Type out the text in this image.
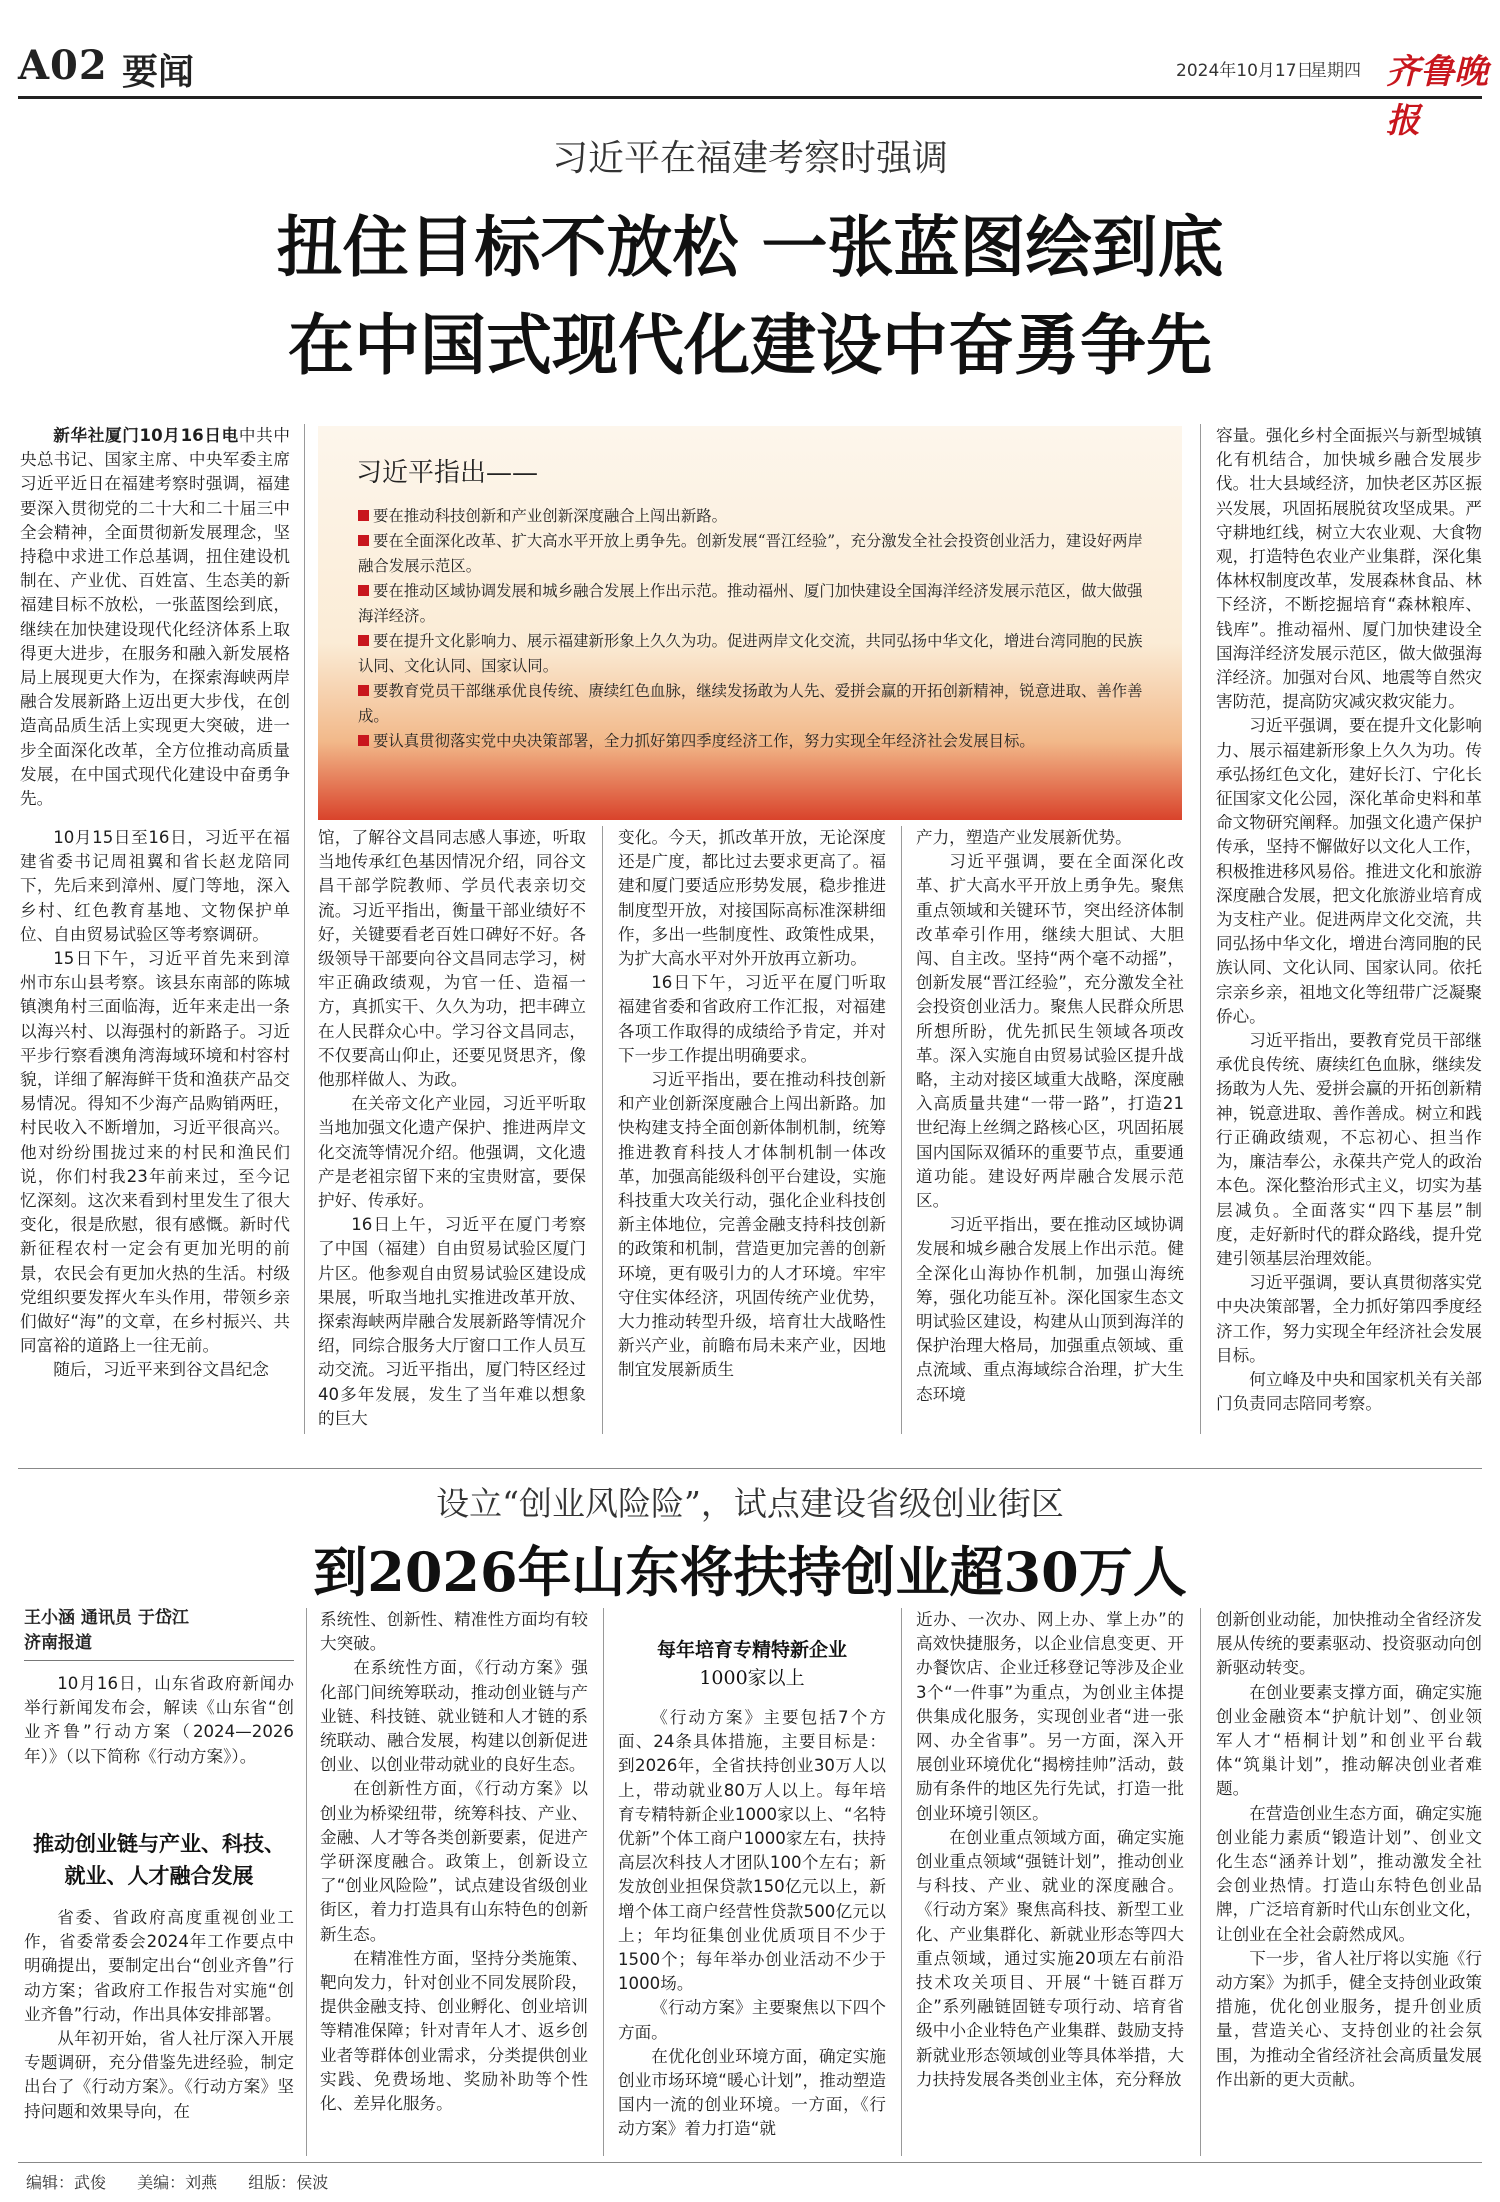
A02 要闻	2024年10月17日
星期四 齐鲁晚报
习近平在福建考察时强调
扭住目标不放松 一张蓝图绘到底
在中国式现代化建设中奋勇争先

新华社厦门10月16日电中共中央总书记、国家主席、中央军委主席习近平近日在福建考察时强调，福建要深入贯彻党的二十大和二十届三中全会精神，全面贯彻新发展理念，坚持稳中求进工作总基调，扭住建设机制在、产业优、百姓富、生态美的新福建目标不放松，一张蓝图绘到底，继续在加快建设现代化经济体系上取得更大进步，在服务和融入新发展格局上展现更大作为，在探索海峡两岸融合发展新路上迈出更大步伐，在创造高品质生活上实现更大突破，进一步全面深化改革，全方位推动高质量发展，在中国式现代化建设中奋勇争先。

习近平指出——

要在推动科技创新和产业创新深度融合上闯出新路。

要在全面深化改革、扩大高水平开放上勇争先。创新发展“晋江经验”，充分激发全社会投资创业活力，建设好两岸融合发展示范区。

要在推动区域协调发展和城乡融合发展上作出示范。推动福州、厦门加快建设全国海洋经济发展示范区，做大做强海洋经济。

要在提升文化影响力、展示福建新形象上久久为功。促进两岸文化交流，共同弘扬中华文化，增进台湾同胞的民族认同、文化认同、国家认同。

要教育党员干部继承优良传统、赓续红色血脉，继续发扬敢为人先、爱拼会赢的开拓创新精神，锐意进取、善作善成。

要认真贯彻落实党中央决策部署，全力抓好第四季度经济工作，努力实现全年经济社会发展目标。

容量。强化乡村全面振兴与新型城镇化有机结合，加快城乡融合发展步伐。壮大县域经济，加快老区苏区振兴发展，巩固拓展脱贫攻坚成果。严守耕地红线，树立大农业观、大食物观，打造特色农业产业集群，深化集体林权制度改革，发展森林食品、林下经济，不断挖掘培育“森林粮库、钱库”。推动福州、厦门加快建设全国海洋经济发展示范区，做大做强海洋经济。加强对台风、地震等自然灾害防范，提高防灾减灾救灾能力。

习近平强调，要在提升文化影响力、展示福建新形象上久久为功。传承弘扬红色文化，建好长汀、宁化长征国家文化公园，深化革命史料和革命文物研究阐释。加强文化遗产保护传承，坚持不懈做好以文化人工作，积极推进移风易俗。推进文化和旅游深度融合发展，把文化旅游业培育成为支柱产业。促进两岸文化交流，共同弘扬中华文化，增进台湾同胞的民族认同、文化认同、国家认同。依托宗亲乡亲，祖地文化等纽带广泛凝聚侨心。

习近平指出，要教育党员干部继承优良传统、赓续红色血脉，继续发扬敢为人先、爱拼会赢的开拓创新精神，锐意进取、善作善成。树立和践行正确政绩观，不忘初心、担当作为，廉洁奉公，永葆共产党人的政治本色。深化整治形式主义，切实为基层减负。全面落实“四下基层”制度，走好新时代的群众路线，提升党建引领基层治理效能。

习近平强调，要认真贯彻落实党中央决策部署，全力抓好第四季度经济工作，努力实现全年经济社会发展目标。

何立峰及中央和国家机关有关部门负责同志陪同考察。

10月15日至16日，习近平在福建省委书记周祖翼和省长赵龙陪同下，先后来到漳州、厦门等地，深入乡村、红色教育基地、文物保护单位、自由贸易试验区等考察调研。

15日下午，习近平首先来到漳州市东山县考察。该县东南部的陈城镇澳角村三面临海，近年来走出一条以海兴村、以海强村的新路子。习近平步行察看澳角湾海域环境和村容村貌，详细了解海鲜干货和渔获产品交易情况。得知不少海产品购销两旺，村民收入不断增加，习近平很高兴。他对纷纷围拢过来的村民和渔民们说，你们村我23年前来过，至今记忆深刻。这次来看到村里发生了很大变化，很是欣慰，很有感慨。新时代新征程农村一定会有更加光明的前景，农民会有更加火热的生活。村级党组织要发挥火车头作用，带领乡亲们做好“海”的文章，在乡村振兴、共同富裕的道路上一往无前。

随后，习近平来到谷文昌纪念

馆，了解谷文昌同志感人事迹，听取当地传承红色基因情况介绍，同谷文昌干部学院教师、学员代表亲切交流。习近平指出，衡量干部业绩好不好，关键要看老百姓口碑好不好。各级领导干部要向谷文昌同志学习，树牢正确政绩观，为官一任、造福一方，真抓实干、久久为功，把丰碑立在人民群众心中。学习谷文昌同志，不仅要高山仰止，还要见贤思齐，像他那样做人、为政。

在关帝文化产业园，习近平听取当地加强文化遗产保护、推进两岸文化交流等情况介绍。他强调，文化遗产是老祖宗留下来的宝贵财富，要保护好、传承好。

16日上午，习近平在厦门考察了中国（福建）自由贸易试验区厦门片区。他参观自由贸易试验区建设成果展，听取当地扎实推进改革开放、探索海峡两岸融合发展新路等情况介绍，同综合服务大厅窗口工作人员互动交流。习近平指出，厦门特区经过40多年发展，发生了当年难以想象的巨大

变化。今天，抓改革开放，无论深度还是广度，都比过去要求更高了。福建和厦门要适应形势发展，稳步推进制度型开放，对接国际高标准深耕细作，多出一些制度性、政策性成果，为扩大高水平对外开放再立新功。

16日下午，习近平在厦门听取福建省委和省政府工作汇报，对福建各项工作取得的成绩给予肯定，并对下一步工作提出明确要求。

习近平指出，要在推动科技创新和产业创新深度融合上闯出新路。加快构建支持全面创新体制机制，统筹推进教育科技人才体制机制一体改革，加强高能级科创平台建设，实施科技重大攻关行动，强化企业科技创新主体地位，完善金融支持科技创新的政策和机制，营造更加完善的创新环境，更有吸引力的人才环境。牢牢守住实体经济，巩固传统产业优势，大力推动转型升级，培育壮大战略性新兴产业，前瞻布局未来产业，因地制宜发展新质生

产力，塑造产业发展新优势。

习近平强调，要在全面深化改革、扩大高水平开放上勇争先。聚焦重点领域和关键环节，突出经济体制改革牵引作用，继续大胆试、大胆闯、自主改。坚持“两个毫不动摇”，创新发展“晋江经验”，充分激发全社会投资创业活力。聚焦人民群众所思所想所盼，优先抓民生领域各项改革。深入实施自由贸易试验区提升战略，主动对接区域重大战略，深度融入高质量共建“一带一路”，打造21世纪海上丝绸之路核心区，巩固拓展国内国际双循环的重要节点，重要通道功能。建设好两岸融合发展示范区。

习近平指出，要在推动区域协调发展和城乡融合发展上作出示范。健全深化山海协作机制，加强山海统筹，强化功能互补。深化国家生态文明试验区建设，构建从山顶到海洋的保护治理大格局，加强重点领域、重点流域、重点海域综合治理，扩大生态环境

设立“创业风险险”，试点建设省级创业街区
到2026年山东将扶持创业超30万人
王小涵 通讯员 于岱江
济南报道

10月16日，山东省政府新闻办举行新闻发布会，解读《山东省“创业齐鲁”行动方案（2024—2026年）》（以下简称《行动方案》）。

推动创业链与产业、科技、就业、人才融合发展

省委、省政府高度重视创业工作，省委常委会2024年工作要点中明确提出，要制定出台“创业齐鲁”行动方案；省政府工作报告对实施“创业齐鲁”行动，作出具体安排部署。

从年初开始，省人社厅深入开展专题调研，充分借鉴先进经验，制定出台了《行动方案》。《行动方案》坚持问题和效果导向，在

系统性、创新性、精准性方面均有较大突破。

在系统性方面，《行动方案》强化部门间统筹联动，推动创业链与产业链、科技链、就业链和人才链的系统联动、融合发展，构建以创新促进创业、以创业带动就业的良好生态。

在创新性方面，《行动方案》以创业为桥梁纽带，统筹科技、产业、金融、人才等各类创新要素，促进产学研深度融合。政策上，创新设立了“创业风险险”，试点建设省级创业街区，着力打造具有山东特色的创新新生态。

在精准性方面，坚持分类施策、靶向发力，针对创业不同发展阶段，提供金融支持、创业孵化、创业培训等精准保障；针对青年人才、返乡创业者等群体创业需求，分类提供创业实践、免费场地、奖励补助等个性化、差异化服务。

每年培育专精特新企业
1000家以上

《行动方案》主要包括7个方面、24条具体措施，主要目标是：到2026年，全省扶持创业30万人以上，带动就业80万人以上。每年培育专精特新企业1000家以上、“名特优新”个体工商户1000家左右，扶持高层次科技人才团队100个左右；新发放创业担保贷款150亿元以上，新增个体工商户经营性贷款500亿元以上；年均征集创业优质项目不少于1500个；每年举办创业活动不少于1000场。

《行动方案》主要聚焦以下四个方面。

在优化创业环境方面，确定实施创业市场环境“暖心计划”，推动塑造国内一流的创业环境。一方面，《行动方案》着力打造“就

近办、一次办、网上办、掌上办”的高效快捷服务，以企业信息变更、开办餐饮店、企业迁移登记等涉及企业3个“一件事”为重点，为创业主体提供集成化服务，实现创业者“进一张网、办全省事”。另一方面，深入开展创业环境优化“揭榜挂帅”活动，鼓励有条件的地区先行先试，打造一批创业环境引领区。

在创业重点领域方面，确定实施创业重点领域“强链计划”，推动创业与科技、产业、就业的深度融合。《行动方案》聚焦高科技、新型工业化、产业集群化、新就业形态等四大重点领域，通过实施20项左右前沿技术攻关项目、开展“十链百群万企”系列融链固链专项行动、培育省级中小企业特色产业集群、鼓励支持新就业形态领域创业等具体举措，大力扶持发展各类创业主体，充分释放

创新创业动能，加快推动全省经济发展从传统的要素驱动、投资驱动向创新驱动转变。

在创业要素支撑方面，确定实施创业金融资本“护航计划”、创业领军人才“梧桐计划”和创业平台载体“筑巢计划”，推动解决创业者难题。

在营造创业生态方面，确定实施创业能力素质“锻造计划”、创业文化生态“涵养计划”，推动激发全社会创业热情。打造山东特色创业品牌，广泛培育新时代山东创业文化，让创业在全社会蔚然成风。

下一步，省人社厅将以实施《行动方案》为抓手，健全支持创业政策措施，优化创业服务，提升创业质量，营造关心、支持创业的社会氛围，为推动全省经济社会高质量发展作出新的更大贡献。

编辑：武俊 美编：刘燕 组版：侯波
